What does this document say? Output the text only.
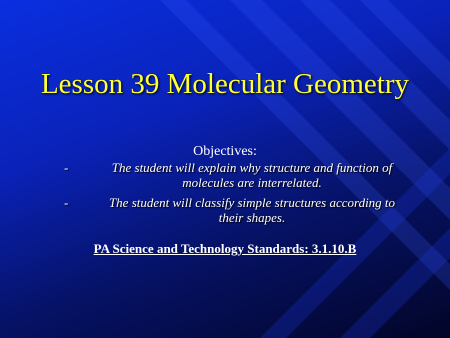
Lesson 39 Molecular Geometry
Objectives:
-	The student will explain why structure and function of molecules are interrelated.
-	The student will classify simple structures according to their shapes.
PA Science and Technology Standards: 3.1.10.B
